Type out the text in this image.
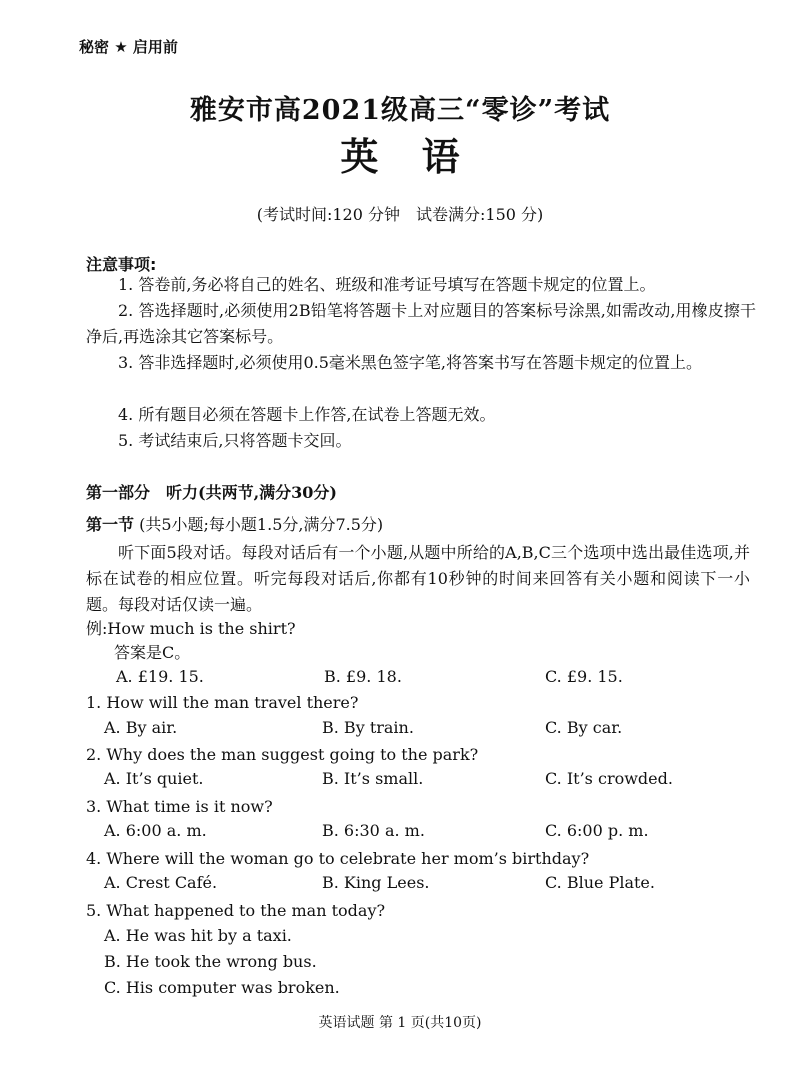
秘密 ★ 启用前
雅安市高2021级高三“零诊”考试
英 语
(考试时间:120 分钟　试卷满分:150 分)
注意事项:
1. 答卷前,务必将自己的姓名、班级和准考证号填写在答题卡规定的位置上。
2. 答选择题时,必须使用2B铅笔将答题卡上对应题目的答案标号涂黑,如需改动,用橡皮擦干净后,再选涂其它答案标号。
3. 答非选择题时,必须使用0.5毫米黑色签字笔,将答案书写在答题卡规定的位置上。
4. 所有题目必须在答题卡上作答,在试卷上答题无效。
5. 考试结束后,只将答题卡交回。
第一部分　听力(共两节,满分30分)
第一节 (共5小题;每小题1.5分,满分7.5分)
听下面5段对话。每段对话后有一个小题,从题中所给的A,B,C三个选项中选出最佳选项,并标在试卷的相应位置。听完每段对话后,你都有10秒钟的时间来回答有关小题和阅读下一小题。每段对话仅读一遍。
例:How much is the shirt?
答案是C。
A. £19. 15.	B. £9. 18.	C. £9. 15.
1. How will the man travel there?
A. By air.	B. By train.	C. By car.
2. Why does the man suggest going to the park?
A. It’s quiet.	B. It’s small.	C. It’s crowded.
3. What time is it now?
A. 6:00 a. m.	B. 6:30 a. m.	C. 6:00 p. m.
4. Where will the woman go to celebrate her mom’s birthday?
A. Crest Café.	B. King Lees.	C. Blue Plate.
5. What happened to the man today?
A. He was hit by a taxi.
B. He took the wrong bus.
C. His computer was broken.
英语试题 第 1 页(共10页)
